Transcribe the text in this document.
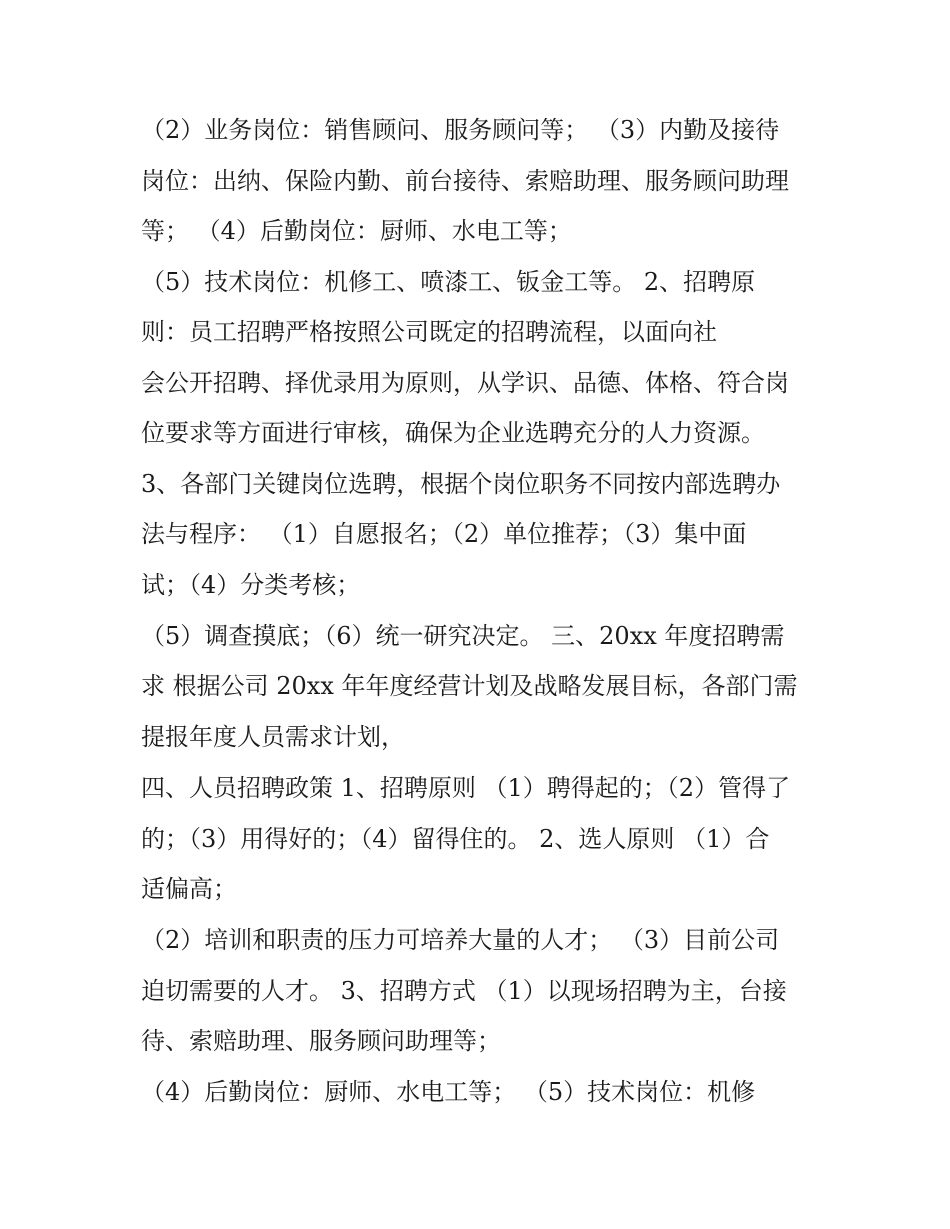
（2）业务岗位：销售顾问、服务顾问等； （3）内勤及接待
岗位：出纳、保险内勤、前台接待、索赔助理、服务顾问助理
等； （4）后勤岗位：厨师、水电工等；
（5）技术岗位：机修工、喷漆工、钣金工等。 2、招聘原
则：员工招聘严格按照公司既定的招聘流程，以面向社
会公开招聘、择优录用为原则，从学识、品德、体格、符合岗
位要求等方面进行审核，确保为企业选聘充分的人力资源。
3、各部门关键岗位选聘，根据个岗位职务不同按内部选聘办
法与程序： （1）自愿报名；（2）单位推荐；（3）集中面
试；（4）分类考核；
（5）调查摸底；（6）统一研究决定。 三、20xx 年度招聘需
求 根据公司 20xx 年年度经营计划及战略发展目标，各部门需
提报年度人员需求计划，
四、人员招聘政策 1、招聘原则 （1）聘得起的；（2）管得了
的；（3）用得好的；（4）留得住的。 2、选人原则 （1）合
适偏高；
（2）培训和职责的压力可培养大量的人才； （3）目前公司
迫切需要的人才。 3、招聘方式 （1）以现场招聘为主，台接
待、索赔助理、服务顾问助理等；
（4）后勤岗位：厨师、水电工等； （5）技术岗位：机修
